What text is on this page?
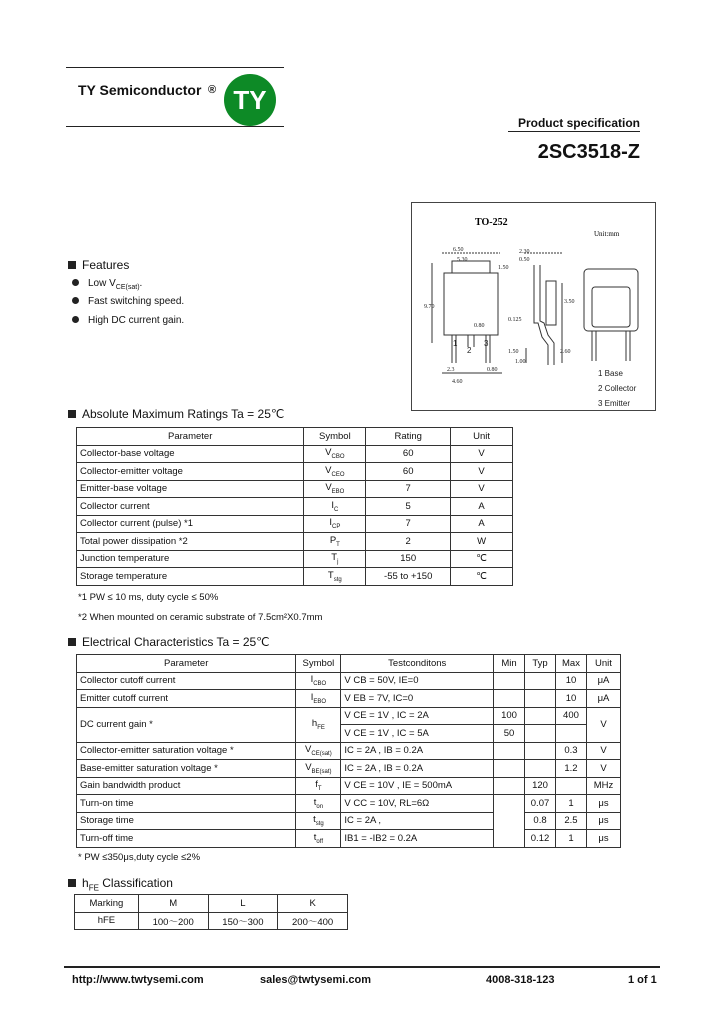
TY Semiconductor ® TY
Product specification
2SC3518-Z
Features
Low $V_{CE(sat)}$.
Fast switching speed.
High DC current gain.
TO-252
Unit:mm
6.50
5.30
2.30
0.50
1.50
9.70
0.125
0.80
4.60
2.3	0.80
1.50
1.00
3.50
2.60
1
2
3
1 Base
2 Collector
3 Emitter
Absolute Maximum Ratings Ta = 25℃
Parameter	Symbol	Rating	Unit
Collector-base voltage	$V_{CBO}$	60	V
Collector-emitter voltage	$V_{CEO}$	60	V
Emitter-base voltage	$V_{EBO}$	7	V
Collector current	$I_C$	5	A
Collector current (pulse) *1	$I_{CP}$	7	A
Total power dissipation *2	$P_T$	2	W
Junction temperature	$T_j$	150	℃
Storage temperature	$T_{stg}$	-55 to +150	℃
*1 PW ≤ 10 ms, duty cycle ≤ 50%
*2 When mounted on ceramic substrate of 7.5cm²X0.7mm
Electrical Characteristics Ta = 25℃
Parameter	Symbol	Testconditons	Min	Typ	Max	Unit
Collector cutoff current	$I_{CBO}$	V CB = 50V, IE=0			10	μA
Emitter cutoff current	$I_{EBO}$	V EB = 7V, IC=0			10	μA
DC current gain *	$h_{FE}$	V CE = 1V , IC = 2A	100		400	V
		V CE = 1V , IC = 5A	50			
Collector-emitter saturation voltage *	$V_{CE(sat)}$	IC = 2A , IB = 0.2A			0.3	V
Base-emitter saturation voltage *	$V_{BE(sat)}$	IC = 2A , IB = 0.2A			1.2	V
Gain bandwidth product	$f_T$	V CE = 10V , IE = 500mA		120		MHz
Turn-on time	$t_{on}$	V CC = 10V, RL=6Ω		0.07	1	μs
Storage time	$t_{stg}$	IC = 2A ,		0.8	2.5	μs
Turn-off time	$t_{off}$	IB1 = -IB2 = 0.2A		0.12	1	μs
* PW ≤350μs,duty cycle ≤2%
$h_{FE}$ Classification
Marking	M	L	K
hFE	100～200	150～300	200～400
http://www.twtysemi.com	sales@twtysemi.com	4008-318-123	1 of 1
